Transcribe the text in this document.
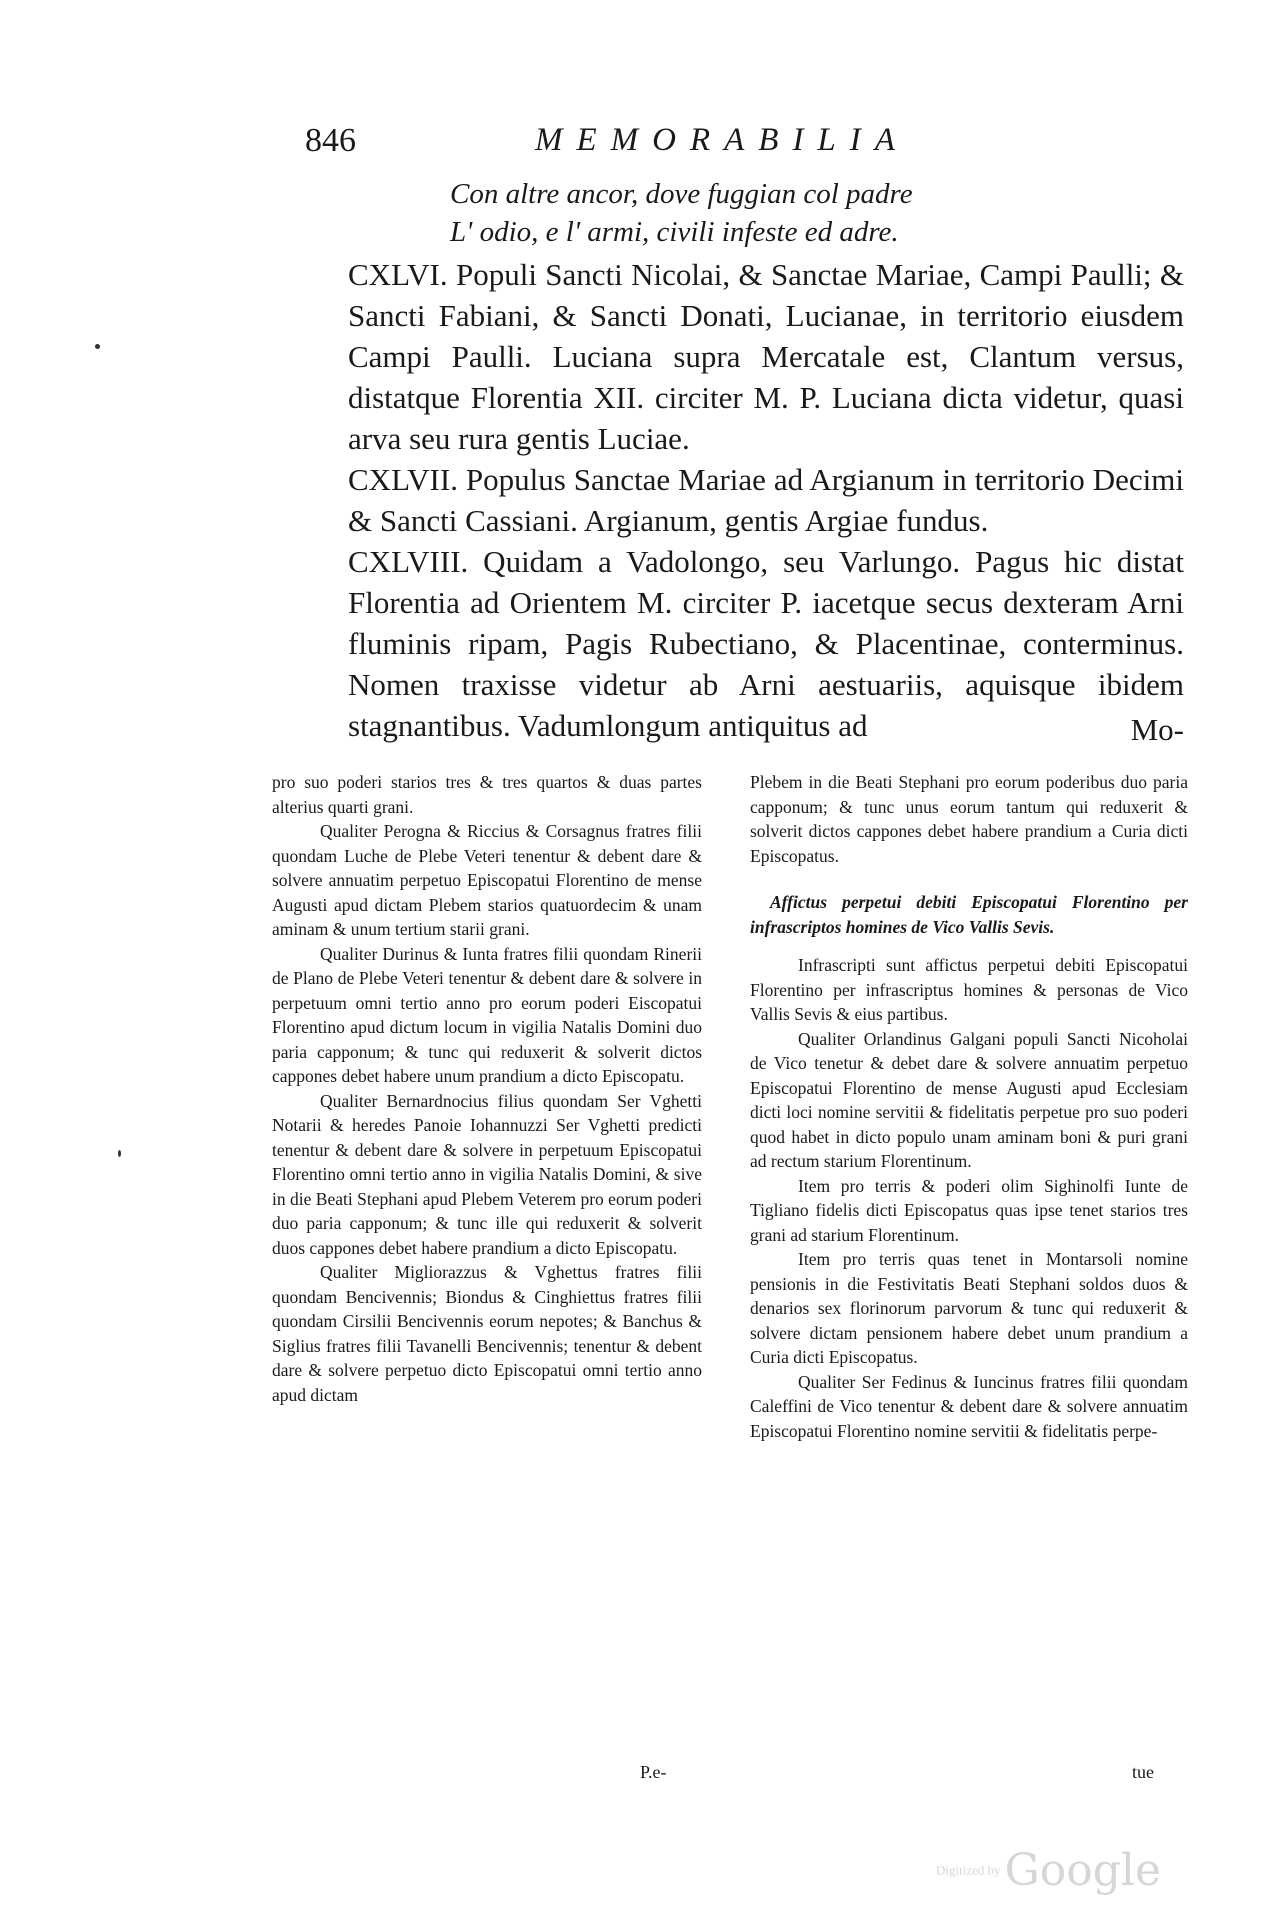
846	MEMORABILIA
Con altre ancor, dove fuggian col padre
L' odio, e l' armi, civili infeste ed adre.

CXLVI. Populi Sancti Nicolai, & Sanctae Mariae, Campi Paulli; & Sancti Fabiani, & Sancti Donati, Lucianae, in territorio eiusdem Campi Paulli. Luciana supra Mercatale est, Clantum versus, distatque Florentia XII. circiter M. P. Luciana dicta videtur, quasi arva seu rura gentis Luciae.

CXLVII. Populus Sanctae Mariae ad Argianum in territorio Decimi & Sancti Cassiani. Argianum, gentis Argiae fundus.

CXLVIII. Quidam a Vadolongo, seu Varlungo. Pagus hic distat Florentia ad Orientem M. circiter P. iacetque secus dexteram Arni fluminis ripam, Pagis Rubectiano, & Placentinae, conterminus. Nomen traxisse videtur ab Arni aestuariis, aquisque ibidem stagnantibus. Vadumlongum antiquitus ad	Mo-

pro suo poderi starios tres & tres quartos & duas partes alterius quarti grani.

Qualiter Perogna & Riccius & Corsagnus fratres filii quondam Luche de Plebe Veteri tenentur & debent dare & solvere annuatim perpetuo Episcopatui Florentino de mense Augusti apud dictam Plebem starios quatuordecim & unam aminam & unum tertium starii grani.

Qualiter Durinus & Iunta fratres filii quondam Rinerii de Plano de Plebe Veteri tenentur & debent dare & solvere in perpetuum omni tertio anno pro eorum poderi Eiscopatui Florentino apud dictum locum in vigilia Natalis Domini duo paria capponum; & tunc qui reduxerit & solverit dictos cappones debet habere unum prandium a dicto Episcopatu.

Qualiter Bernardnocius filius quondam Ser Vghetti Notarii & heredes Panoie Iohannuzzi Ser Vghetti predicti tenentur & debent dare & solvere in perpetuum Episcopatui Florentino omni tertio anno in vigilia Natalis Domini, & sive in die Beati Stephani apud Plebem Veterem pro eorum poderi duo paria capponum; & tunc ille qui reduxerit & solverit duos cappones debet habere prandium a dicto Episcopatu.

Qualiter Migliorazzus & Vghettus fratres filii quondam Bencivennis; Biondus & Cinghiettus fratres filii quondam Cirsilii Bencivennis eorum nepotes; & Banchus & Siglius fratres filii Tavanelli Bencivennis; tenentur & debent dare & solvere perpetuo dicto Episcopatui omni tertio anno apud dictam

P.e-

Plebem in die Beati Stephani pro eorum poderibus duo paria capponum; & tunc unus eorum tantum qui reduxerit & solverit dictos cappones debet habere prandium a Curia dicti Episcopatus.

Affictus perpetui debiti Episcopatui Florentino per infrascriptos homines de Vico Vallis Sevis.

Infrascripti sunt affictus perpetui debiti Episcopatui Florentino per infrascriptus homines & personas de Vico Vallis Sevis & eius partibus.

Qualiter Orlandinus Galgani populi Sancti Nicoholai de Vico tenetur & debet dare & solvere annuatim perpetuo Episcopatui Florentino de mense Augusti apud Ecclesiam dicti loci nomine servitii & fidelitatis perpetue pro suo poderi quod habet in dicto populo unam aminam boni & puri grani ad rectum starium Florentinum.

Item pro terris & poderi olim Sighinolfi Iunte de Tigliano fidelis dicti Episcopatus quas ipse tenet starios tres grani ad starium Florentinum.

Item pro terris quas tenet in Montarsoli nomine pensionis in die Festivitatis Beati Stephani soldos duos & denarios sex florinorum parvorum & tunc qui reduxerit & solvere dictam pensionem habere debet unum prandium a Curia dicti Episcopatus.

Qualiter Ser Fedinus & Iuncinus fratres filii quondam Caleffini de Vico tenentur & debent dare & solvere annuatim Episcopatui Florentino nomine servitii & fidelitatis perpe-

tue
Digitized by Google
